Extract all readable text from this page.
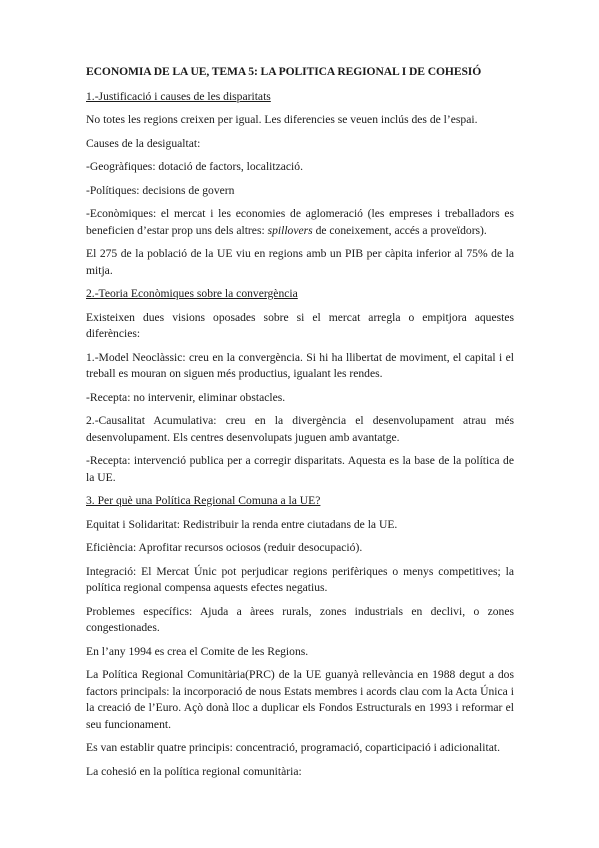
ECONOMIA DE LA UE, TEMA 5: LA POLITICA REGIONAL I DE COHESIÓ
1.-Justificació i causes de les disparitats

No totes les regions creixen per igual. Les diferencies se veuen inclús des de l’espai.

Causes de la desigualtat:

-Geogràfiques: dotació de factors, localització.

-Polítiques: decisions de govern

-Econòmiques: el mercat i les economies de aglomeració (les empreses i treballadors es beneficien d’estar prop uns dels altres: spillovers de coneixement, accés a proveïdors).

El 275 de la població de la UE viu en regions amb un PIB per càpita inferior al 75% de la mitja.

2.-Teoria Econòmiques sobre la convergència

Existeixen dues visions oposades sobre si el mercat arregla o empitjora aquestes diferències:

1.-Model Neoclàssic: creu en la convergència. Si hi ha llibertat de moviment, el capital i el treball es mouran on siguen més productius, igualant les rendes.

-Recepta: no intervenir, eliminar obstacles.

2.-Causalitat Acumulativa: creu en la divergència el desenvolupament atrau més desenvolupament. Els centres desenvolupats juguen amb avantatge.

-Recepta: intervenció publica per a corregir disparitats. Aquesta es la base de la política de la UE.

3. Per què una Política Regional Comuna a la UE?

Equitat i Solidaritat: Redistribuir la renda entre ciutadans de la UE.

Eficiència: Aprofitar recursos ociosos (reduir desocupació).

Integració: El Mercat Únic pot perjudicar regions perifèriques o menys competitives; la política regional compensa aquests efectes negatius.

Problemes específics: Ajuda a àrees rurals, zones industrials en declivi, o zones congestionades.

En l’any 1994 es crea el Comite de les Regions.

La Política Regional Comunitària(PRC) de la UE guanyà rellevància en 1988 degut a dos factors principals: la incorporació de nous Estats membres i acords clau com la Acta Única i la creació de l’Euro. Açò donà lloc a duplicar els Fondos Estructurals en 1993 i reformar el seu funcionament.

Es van establir quatre principis: concentració, programació, coparticipació i adicionalitat.

La cohesió en la política regional comunitària:
